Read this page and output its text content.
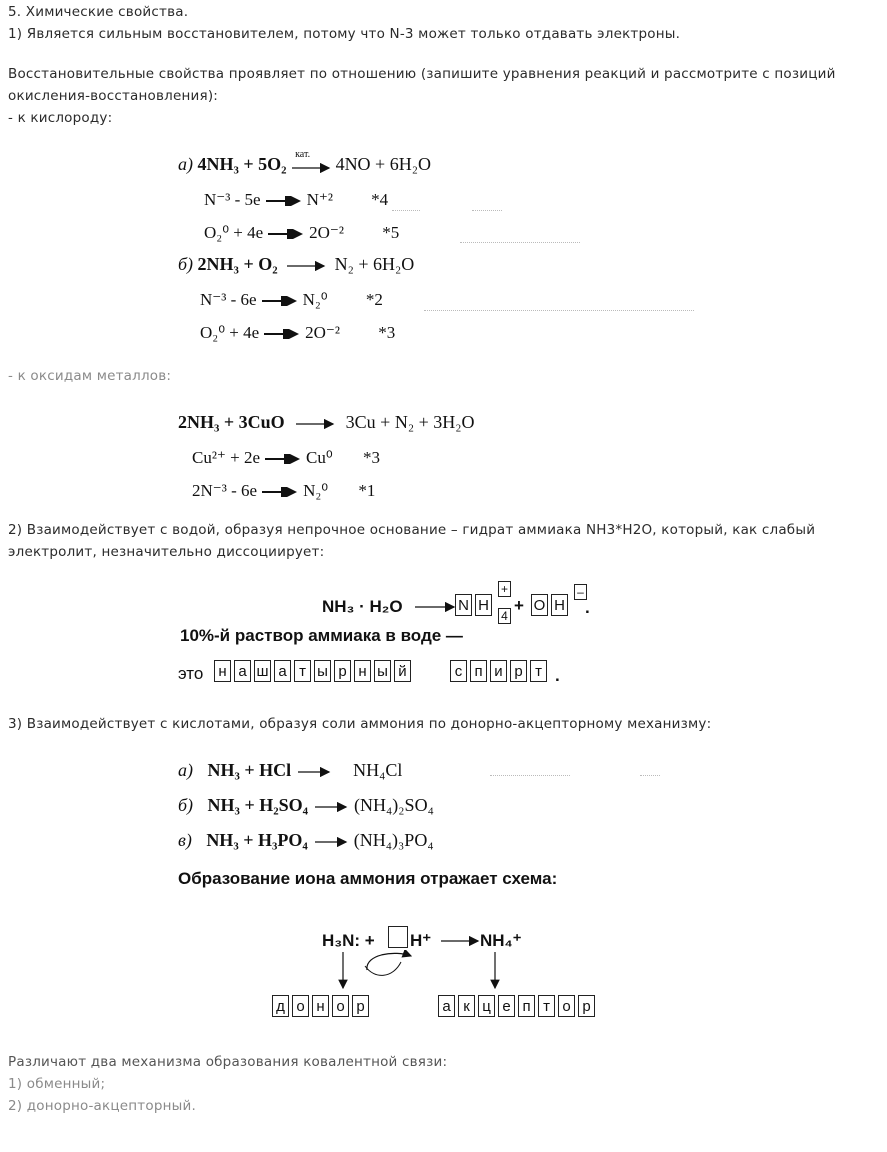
5. Химические свойства.
1) Является сильным восстановителем, потому что N-3 может только отдавать электроны.
Восстановительные свойства проявляет по отношению (запишите уравнения реакций и рассмотрите с позиций
окисления-восстановления):
- к кислороду:
а) 4NH₃ + 5O₂ кат. 4NO + 6H₂O
N⁻³ - 5e	N⁺² *4
O₂⁰ + 4e	2O⁻² *5
б) 2NH₃ + O₂ → N₂ + 6H₂O
N⁻³ - 6e	N₂⁰ *2
O₂⁰ + 4e	2O⁻² *3
- к оксидам металлов:
2NH₃ + 3CuO → 3Cu + N₂ + 3H₂O
Cu²⁺ + 2e	Cu⁰ *3
2N⁻³ - 6e	N₂⁰ *1
2) Взаимодействует с водой, образуя непрочное основание – гидрат аммиака NH3*H2O, который, как слабый
электролит, незначительно диссоциирует:
NH₃ · H₂O → N H
+
4
+ O H
–
.
10%-й раствор аммиака в воде —
это н а ш а т ы р н ы й	с п и р т .
3) Взаимодействует с кислотами, образуя соли аммония по донорно-акцепторному механизму:
а) NH₃ + HCl → NH₄Cl
б) NH₃ + H₂SO₄ → (NH₄)₂SO₄
в) NH₃ + H₃PO₄ → (NH₄)₃PO₄
Образование иона аммония отражает схема:
H₃N: + H⁺ → NH₄⁺
д о н о р	а к ц е п т о р
Различают два механизма образования ковалентной связи:
1) обменный;
2) донорно-акцепторный.
